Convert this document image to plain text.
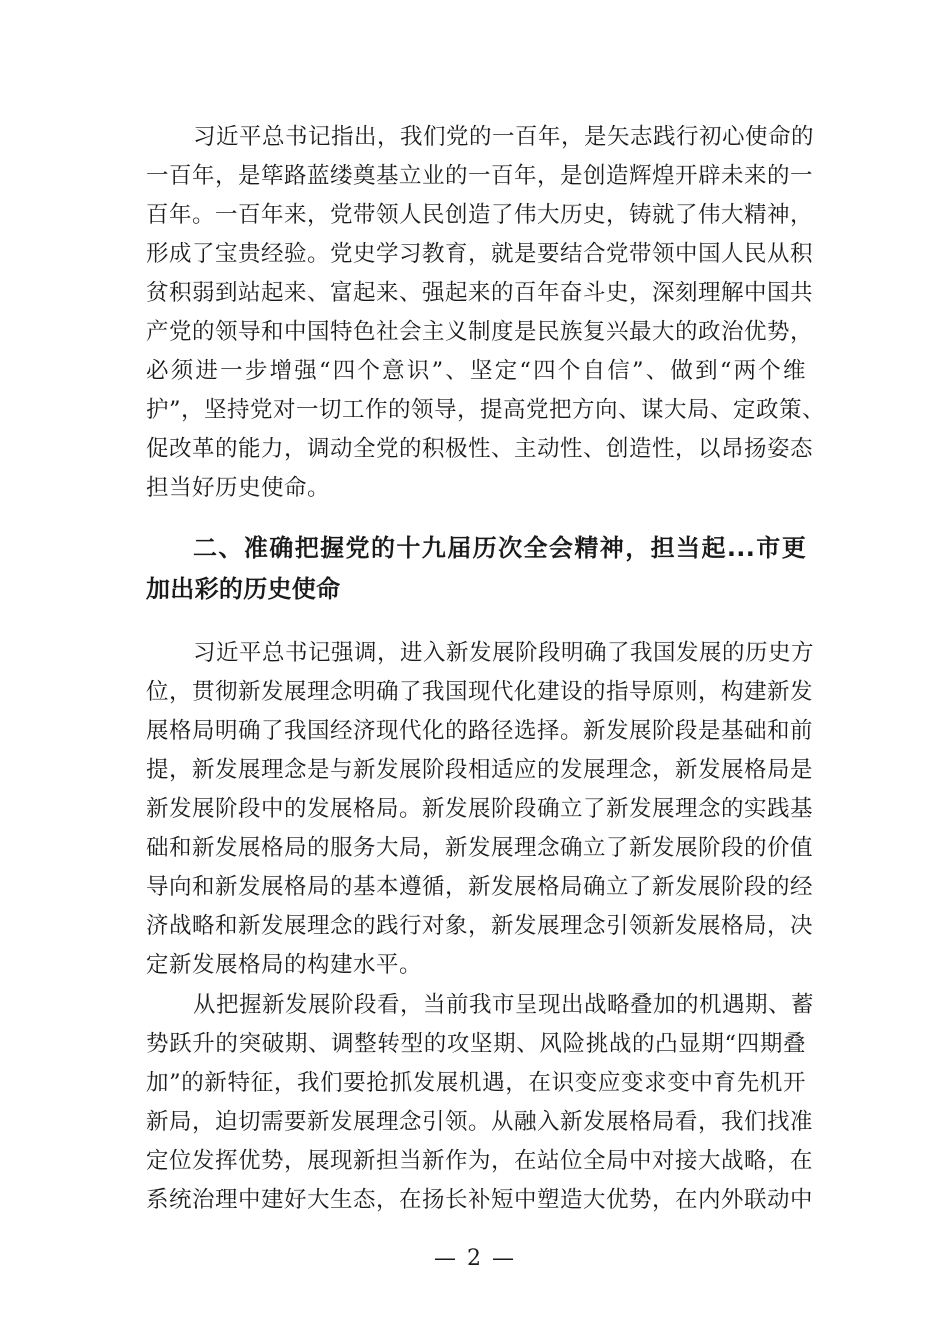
习近平总书记指出，我们党的一百年，是矢志践行初心使命的
一百年，是筚路蓝缕奠基立业的一百年，是创造辉煌开辟未来的一
百年。一百年来，党带领人民创造了伟大历史，铸就了伟大精神，
形成了宝贵经验。党史学习教育，就是要结合党带领中国人民从积
贫积弱到站起来、富起来、强起来的百年奋斗史，深刻理解中国共
产党的领导和中国特色社会主义制度是民族复兴最大的政治优势，
必须进一步增强“四个意识”、坚定“四个自信”、做到“两个维
护”，坚持党对一切工作的领导，提高党把方向、谋大局、定政策、
促改革的能力，调动全党的积极性、主动性、创造性，以昂扬姿态
担当好历史使命。
二、准确把握党的十九届历次全会精神，担当起...市更
加出彩的历史使命
习近平总书记强调，进入新发展阶段明确了我国发展的历史方
位，贯彻新发展理念明确了我国现代化建设的指导原则，构建新发
展格局明确了我国经济现代化的路径选择。新发展阶段是基础和前
提，新发展理念是与新发展阶段相适应的发展理念，新发展格局是
新发展阶段中的发展格局。新发展阶段确立了新发展理念的实践基
础和新发展格局的服务大局，新发展理念确立了新发展阶段的价值
导向和新发展格局的基本遵循，新发展格局确立了新发展阶段的经
济战略和新发展理念的践行对象，新发展理念引领新发展格局，决
定新发展格局的构建水平。
从把握新发展阶段看，当前我市呈现出战略叠加的机遇期、蓄
势跃升的突破期、调整转型的攻坚期、风险挑战的凸显期“四期叠
加”的新特征，我们要抢抓发展机遇，在识变应变求变中育先机开
新局，迫切需要新发展理念引领。从融入新发展格局看，我们找准
定位发挥优势，展现新担当新作为，在站位全局中对接大战略，在
系统治理中建好大生态，在扬长补短中塑造大优势，在内外联动中
— 2 —
